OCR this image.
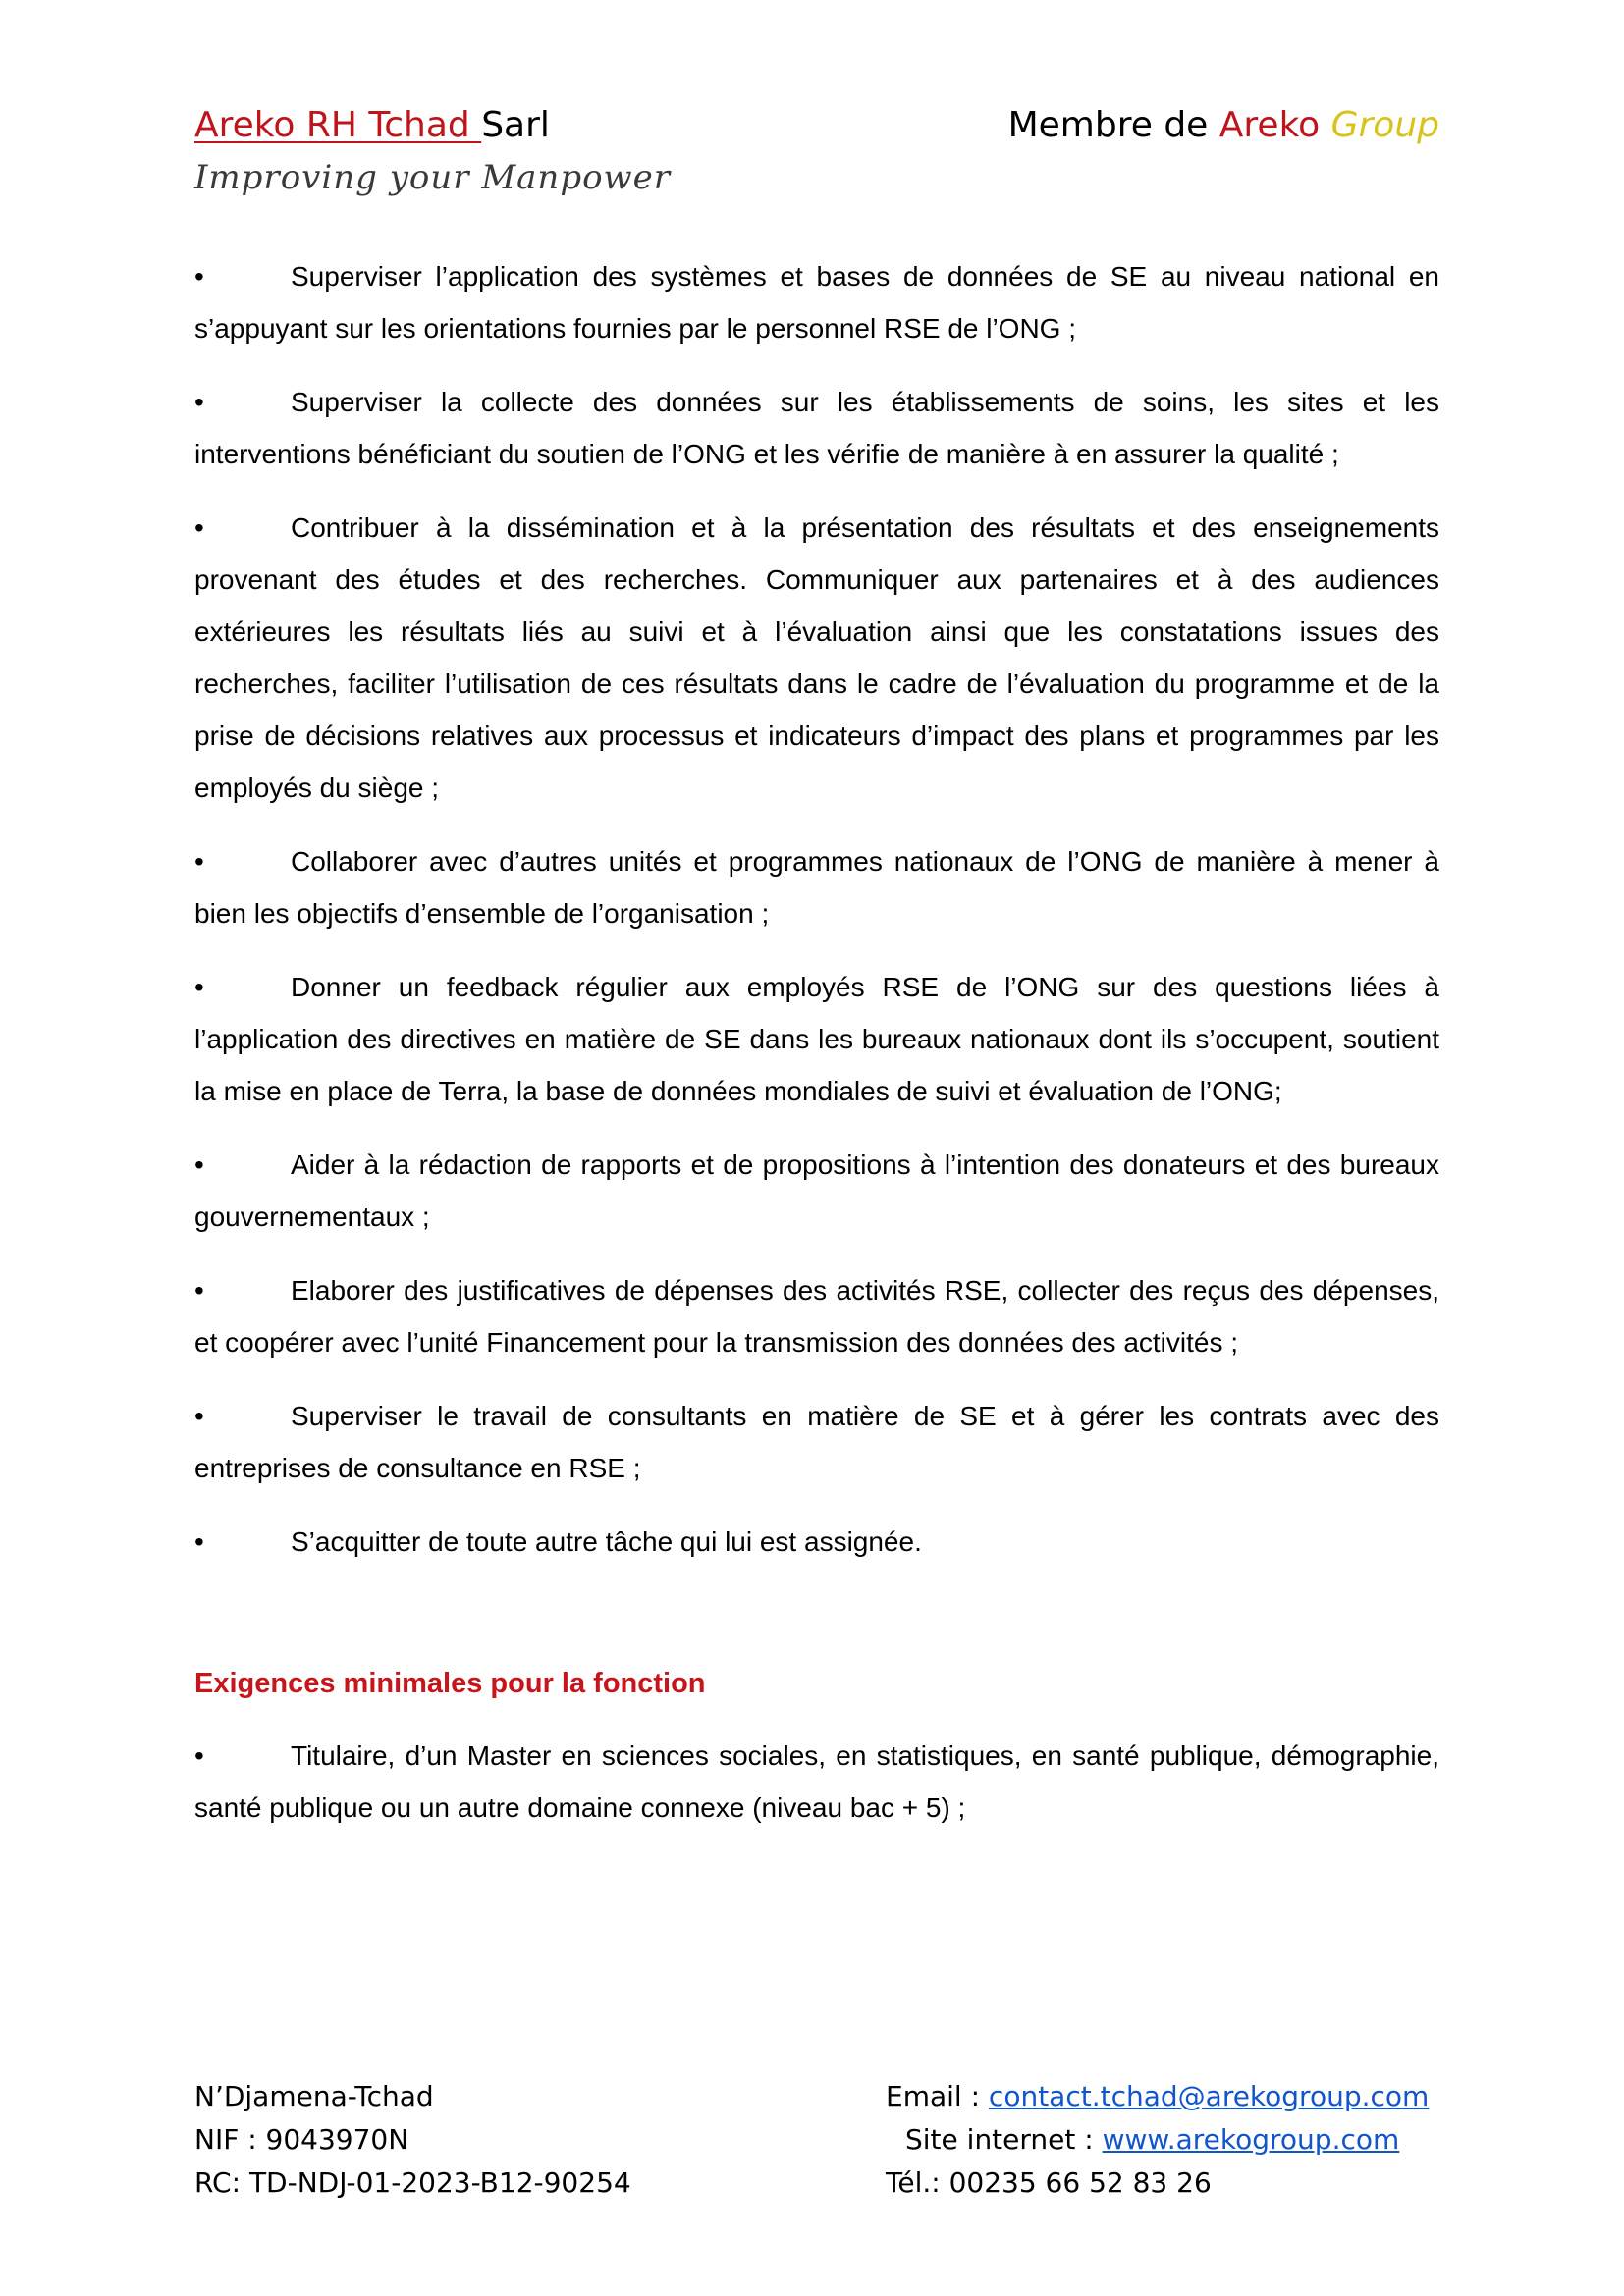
Areko RH Tchad Sarl	Membre de Areko Group
Improving your Manpower
•	Superviser l’application des systèmes et bases de données de SE au niveau national en s’appuyant sur les orientations fournies par le personnel RSE de l’ONG ;
•	Superviser la collecte des données sur les établissements de soins, les sites et les interventions bénéficiant du soutien de l’ONG et les vérifie de manière à en assurer la qualité ;
•	Contribuer à la dissémination et à la présentation des résultats et des enseignements provenant des études et des recherches. Communiquer aux partenaires et à des audiences extérieures les résultats liés au suivi et à l’évaluation ainsi que les constatations issues des recherches, faciliter l’utilisation de ces résultats dans le cadre de l’évaluation du programme et de la prise de décisions relatives aux processus et indicateurs d’impact des plans et programmes par les employés du siège ;
•	Collaborer avec d’autres unités et programmes nationaux de l’ONG de manière à mener à bien les objectifs d’ensemble de l’organisation ;
•	Donner un feedback régulier aux employés RSE de l’ONG sur des questions liées à l’application des directives en matière de SE dans les bureaux nationaux dont ils s’occupent, soutient la mise en place de Terra, la base de données mondiales de suivi et évaluation de l’ONG;
•	Aider à la rédaction de rapports et de propositions à l’intention des donateurs et des bureaux gouvernementaux ;
•	Elaborer des justificatives de dépenses des activités RSE, collecter des reçus des dépenses, et coopérer avec l’unité Financement pour la transmission des données des activités ;
•	Superviser le travail de consultants en matière de SE et à gérer les contrats avec des entreprises de consultance en RSE ;
•	S’acquitter de toute autre tâche qui lui est assignée.
Exigences minimales pour la fonction
•	Titulaire, d’un Master en sciences sociales, en statistiques, en santé publique, démographie, santé publique ou un autre domaine connexe (niveau bac + 5) ;
N’Djamena-Tchad
NIF : 9043970N
RC: TD-NDJ-01-2023-B12-90254
Email : contact.tchad@arekogroup.com
Site internet : www.arekogroup.com
Tél.: 00235 66 52 83 26
